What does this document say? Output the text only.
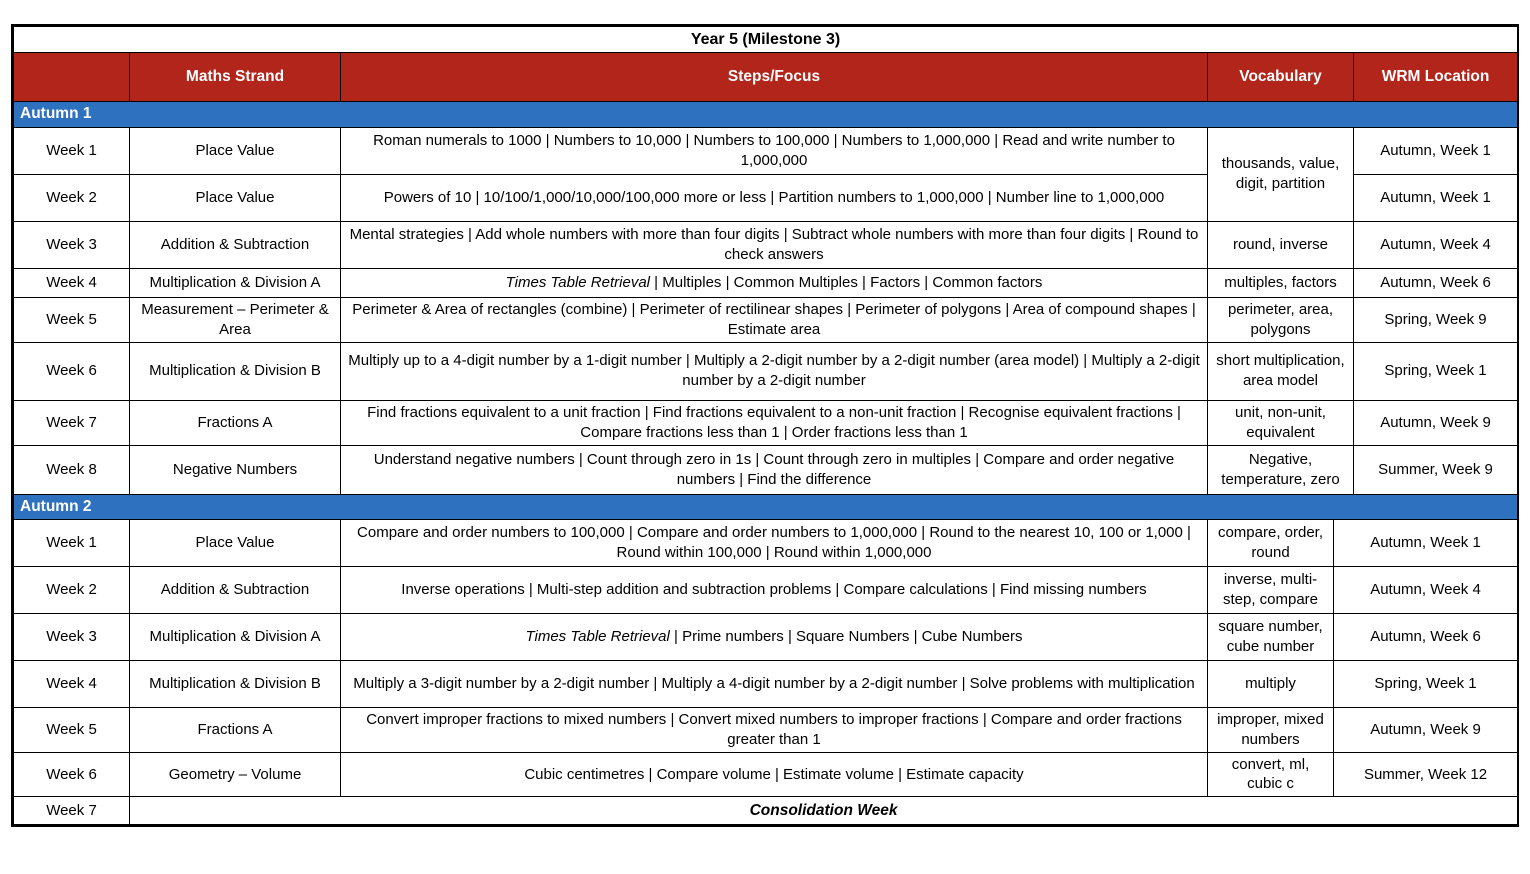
Year 5 (Milestone 3)				
	Maths Strand	Steps/Focus	Vocabulary	WRM Location
Autumn 1				
Week 1	Place Value	Roman numerals to 1000 | Numbers to 10,000 | Numbers to 100,000 | Numbers to 1,000,000 | Read and write number to 1,000,000	thousands, value, digit, partition	Autumn, Week 1
Week 2	Place Value	Powers of 10 | 10/100/1,000/10,000/100,000 more or less | Partition numbers to 1,000,000 | Number line to 1,000,000		Autumn, Week 1
Week 3	Addition & Subtraction	Mental strategies | Add whole numbers with more than four digits | Subtract whole numbers with more than four digits | Round to check answers	round, inverse	Autumn, Week 4
Week 4	Multiplication & Division A	Times Table Retrieval | Multiples | Common Multiples | Factors | Common factors	multiples, factors	Autumn, Week 6
Week 5	Measurement – Perimeter & Area	Perimeter & Area of rectangles (combine) | Perimeter of rectilinear shapes | Perimeter of polygons | Area of compound shapes | Estimate area	perimeter, area, polygons	Spring, Week 9
Week 6	Multiplication & Division B	Multiply up to a 4-digit number by a 1-digit number | Multiply a 2-digit number by a 2-digit number (area model) | Multiply a 2-digit number by a 2-digit number	short multiplication, area model	Spring, Week 1
Week 7	Fractions A	Find fractions equivalent to a unit fraction | Find fractions equivalent to a non-unit fraction | Recognise equivalent fractions | Compare fractions less than 1 | Order fractions less than 1	unit, non-unit, equivalent	Autumn, Week 9
Week 8	Negative Numbers	Understand negative numbers | Count through zero in 1s | Count through zero in multiples | Compare and order negative numbers | Find the difference	Negative, temperature, zero	Summer, Week 9
Autumn 2				
Week 1	Place Value	Compare and order numbers to 100,000 | Compare and order numbers to 1,000,000 | Round to the nearest 10, 100 or 1,000 | Round within 100,000 | Round within 1,000,000	compare, order, round	Autumn, Week 1
Week 2	Addition & Subtraction	Inverse operations | Multi-step addition and subtraction problems | Compare calculations | Find missing numbers	inverse, multi-step, compare	Autumn, Week 4
Week 3	Multiplication & Division A	Times Table Retrieval | Prime numbers | Square Numbers | Cube Numbers	square number, cube number	Autumn, Week 6
Week 4	Multiplication & Division B	Multiply a 3-digit number by a 2-digit number | Multiply a 4-digit number by a 2-digit number | Solve problems with multiplication	multiply	Spring, Week 1
Week 5	Fractions A	Convert improper fractions to mixed numbers | Convert mixed numbers to improper fractions | Compare and order fractions greater than 1	improper, mixed numbers	Autumn, Week 9
Week 6	Geometry – Volume	Cubic centimetres | Compare volume | Estimate volume | Estimate capacity	convert, ml, cubic c	Summer, Week 12
Week 7	Consolidation Week			
